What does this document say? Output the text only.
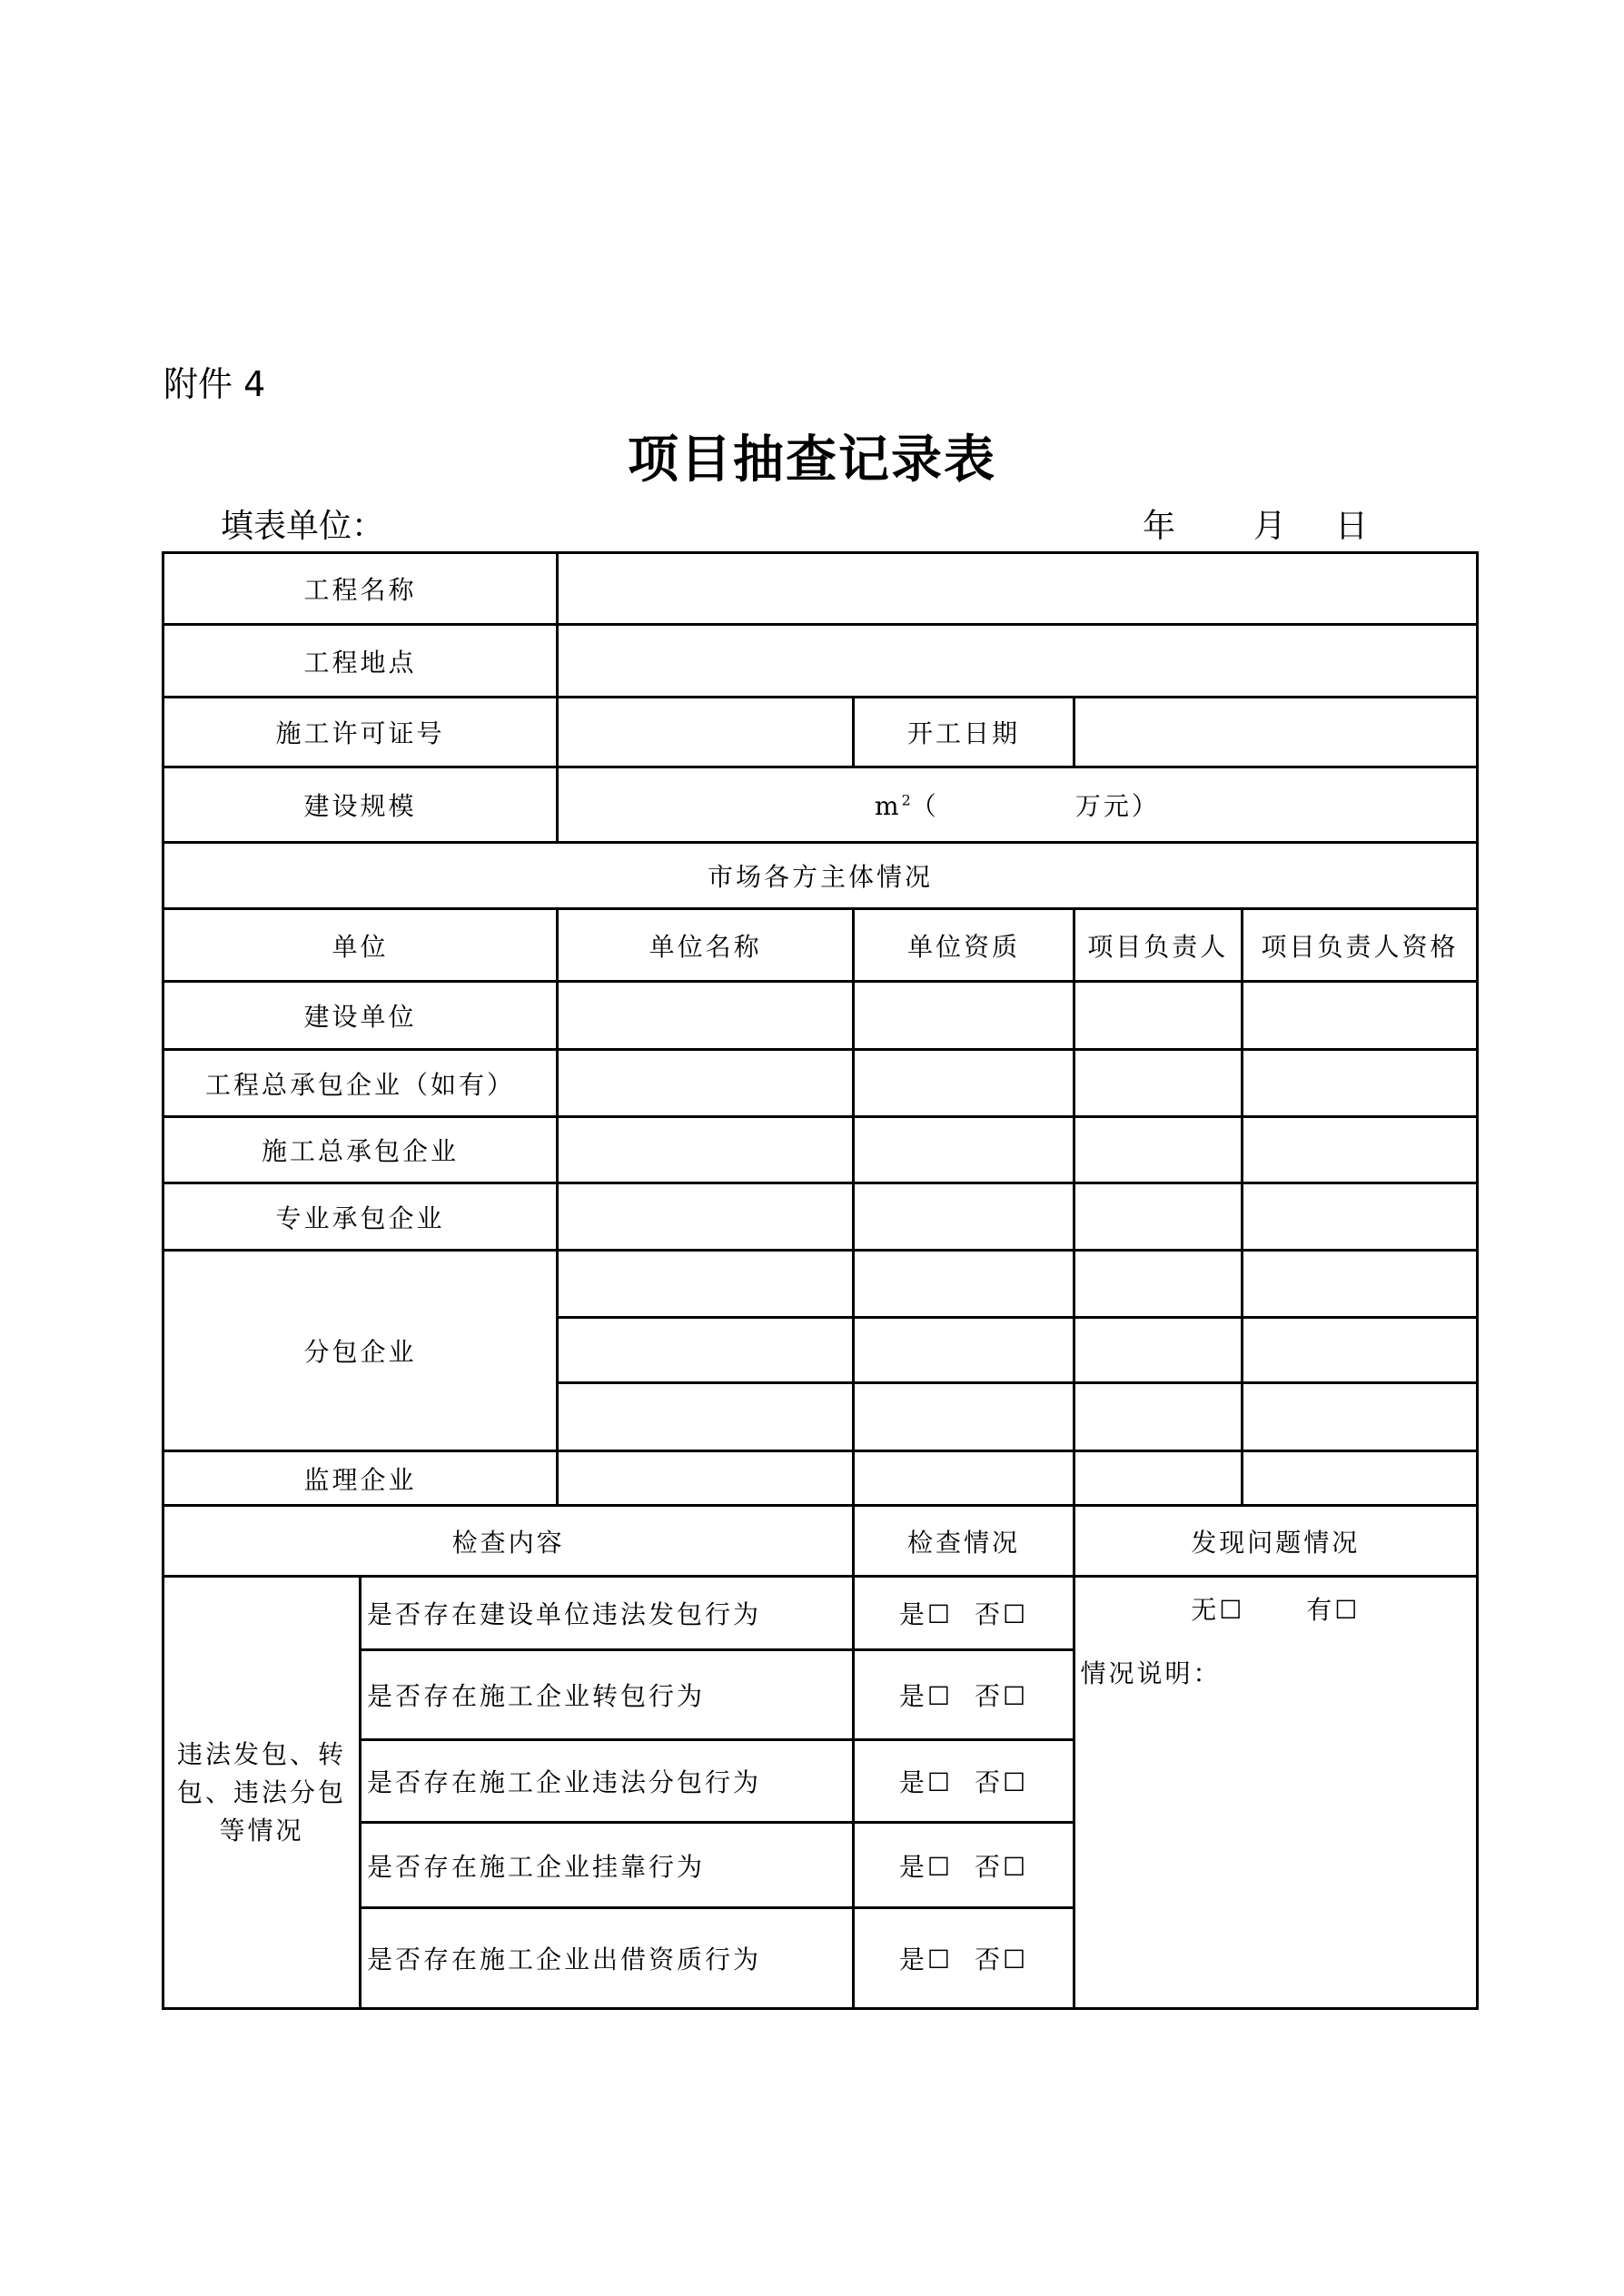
附件 4
项目抽查记录表
填表单位：	年 月 日
工程名称					
工程地点					
施工许可证号			开工日期		
建设规模		$m^2$（ 万元）			
市场各方主体情况					
单位		单位名称	单位资质	项目负责人	项目负责人资格
建设单位					
工程总承包企业（如有）					
施工总承包企业					
专业承包企业					
分包企业					

监理企业					
检查内容			检查情况	发现问题情况	
违法发包、转包、违法分包等情况	是否存在建设单位违法发包行为		是☐ 否☐	无☐ 有☐
情况说明：	

	是否存在施工企业转包行为		是☐ 否☐		
	是否存在施工企业违法分包行为		是☐ 否☐		
	是否存在施工企业挂靠行为		是☐ 否☐		
	是否存在施工企业出借资质行为		是☐ 否☐		
